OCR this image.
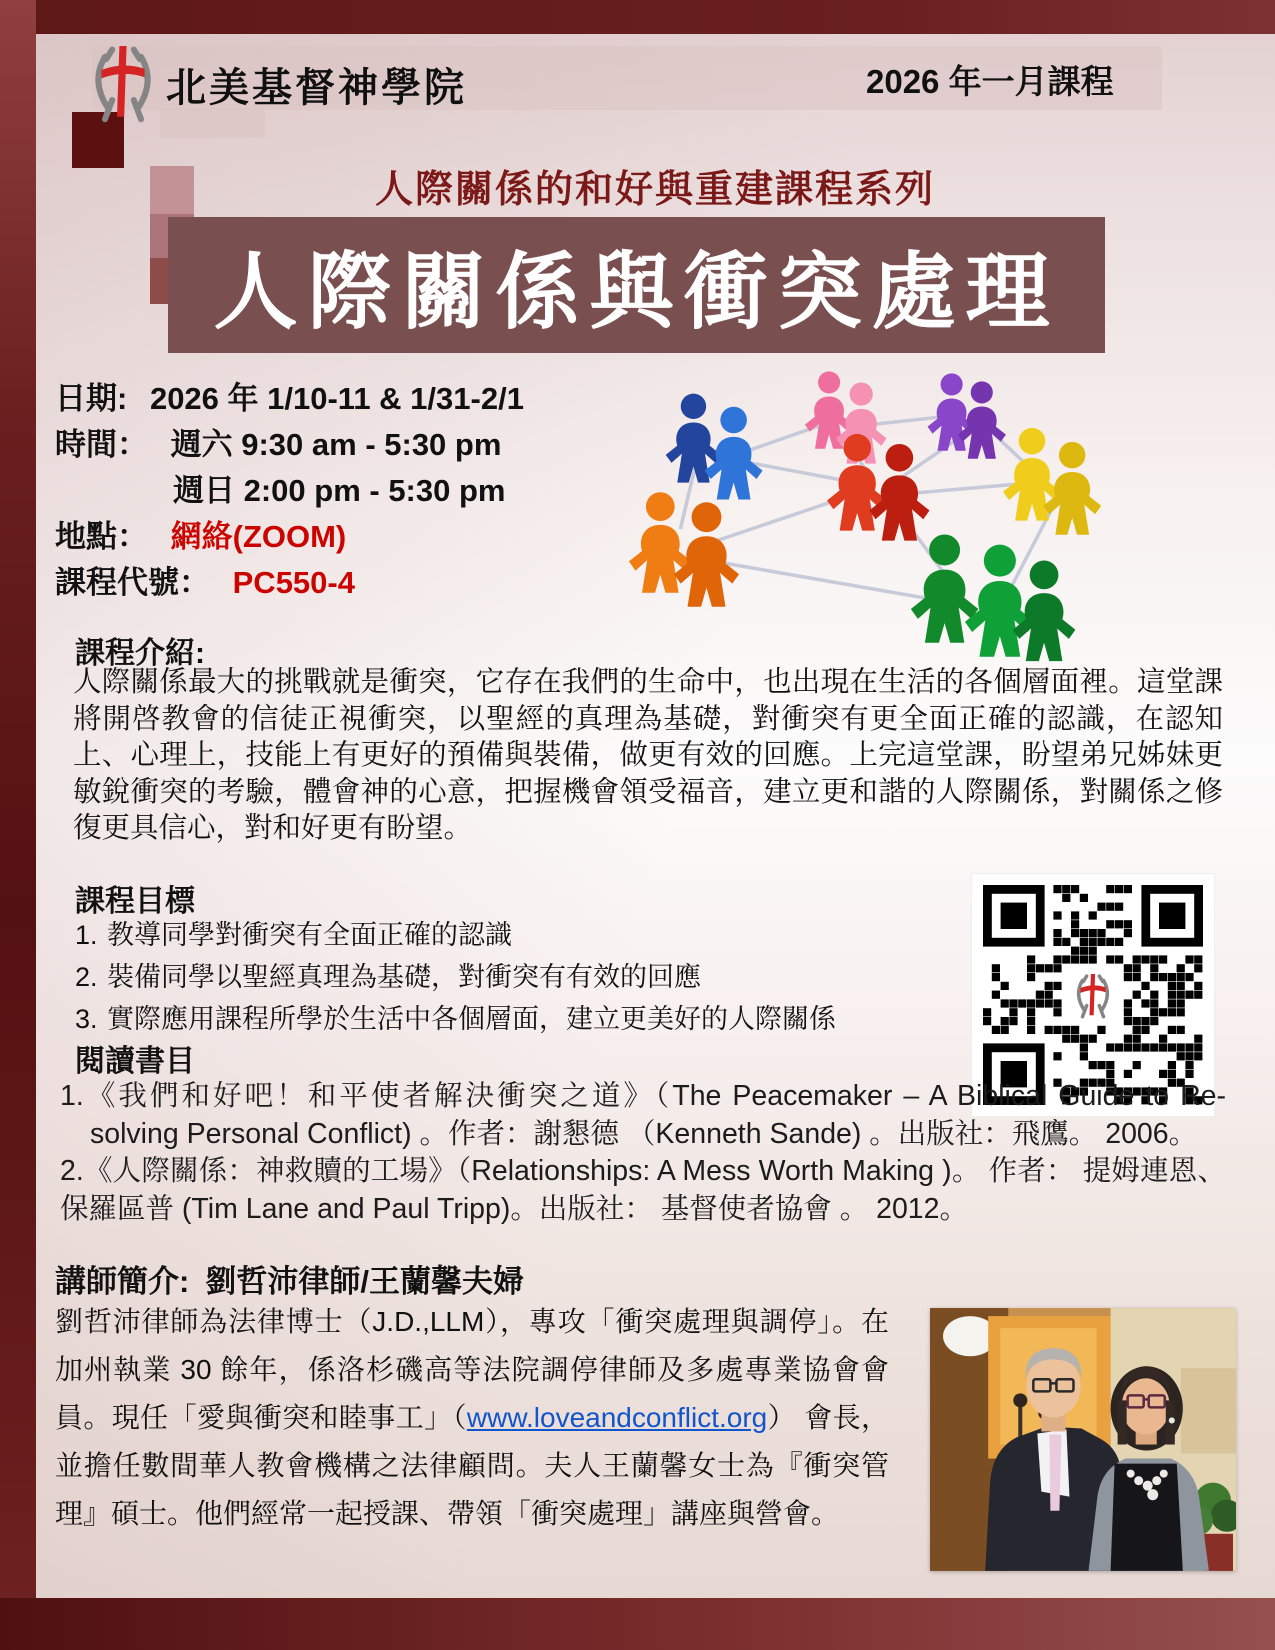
北美基督神學院	2026 年一月課程
人際關係的和好與重建課程系列
人際關係與衝突處理
日期: 2026 年 1/10-11 & 1/31-2/1
時間： 週六 9:30 am - 5:30 pm
週日 2:00 pm - 5:30 pm
地點： 網絡(ZOOM)
課程代號： PC550-4
課程介紹:
人際關係最大的挑戰就是衝突，它存在我們的生命中，也出現在生活的各個層面裡。這堂課將開啓教會的信徒正視衝突，以聖經的真理為基礎，對衝突有更全面正確的認識，在認知上、心理上，技能上有更好的預備與裝備，做更有效的回應。上完這堂課，盼望弟兄姊妹更敏銳衝突的考驗，體會神的心意，把握機會領受福音，建立更和諧的人際關係，對關係之修復更具信心，對和好更有盼望。
課程目標
1. 教導同學對衝突有全面正確的認識
2. 裝備同學以聖經真理為基礎，對衝突有有效的回應
3. 實際應用課程所學於生活中各個層面，建立更美好的人際關係
閱讀書目
1.《我們和好吧！和平使者解決衝突之道》（The Peacemaker – A Biblical Guide to Re-solving Personal Conflict) 。作者：謝懇德 （Kenneth Sande) 。出版社：飛鷹。 2006。
2.《人際關係：神救贖的工場》（Relationships: A Mess Worth Making )。 作者： 提姆連恩、保羅區普 (Tim Lane and Paul Tripp)。出版社： 基督使者協會 。 2012。
講師簡介: 劉哲沛律師/王蘭馨夫婦
劉哲沛律師為法律博士（J.D.,LLM），專攻「衝突處理與調停」。在加州執業 30 餘年，係洛杉磯高等法院調停律師及多處專業協會會員。現任「愛與衝突和睦事工」（www.loveandconflict.org） 會長，並擔任數間華人教會機構之法律顧問。夫人王蘭馨女士為『衝突管理』碩士。他們經常一起授課、帶領「衝突處理」講座與營會。
